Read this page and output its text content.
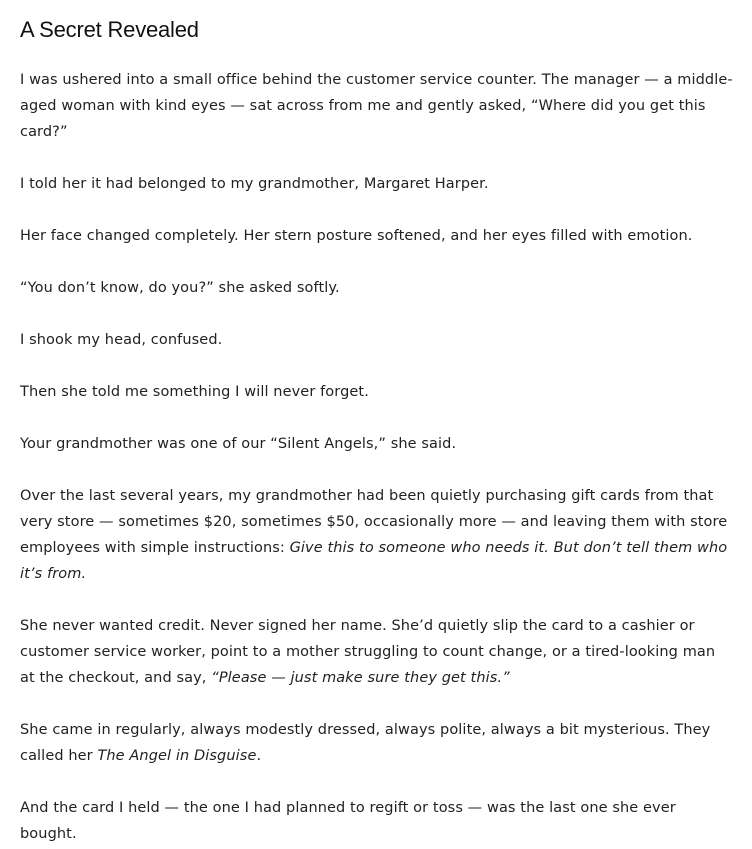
A Secret Revealed

I was ushered into a small office behind the customer service counter. The manager — a middle-aged woman with kind eyes — sat across from me and gently asked, “Where did you get this card?”

I told her it had belonged to my grandmother, Margaret Harper.

Her face changed completely. Her stern posture softened, and her eyes filled with emotion.

“You don’t know, do you?” she asked softly.

I shook my head, confused.

Then she told me something I will never forget.

Your grandmother was one of our “Silent Angels,” she said.

Over the last several years, my grandmother had been quietly purchasing gift cards from that very store — sometimes $20, sometimes $50, occasionally more — and leaving them with store employees with simple instructions: Give this to someone who needs it. But don’t tell them who it’s from.

She never wanted credit. Never signed her name. She’d quietly slip the card to a cashier or customer service worker, point to a mother struggling to count change, or a tired-looking man at the checkout, and say, “Please — just make sure they get this.”

She came in regularly, always modestly dressed, always polite, always a bit mysterious. They called her The Angel in Disguise.

And the card I held — the one I had planned to regift or toss — was the last one she ever bought.
